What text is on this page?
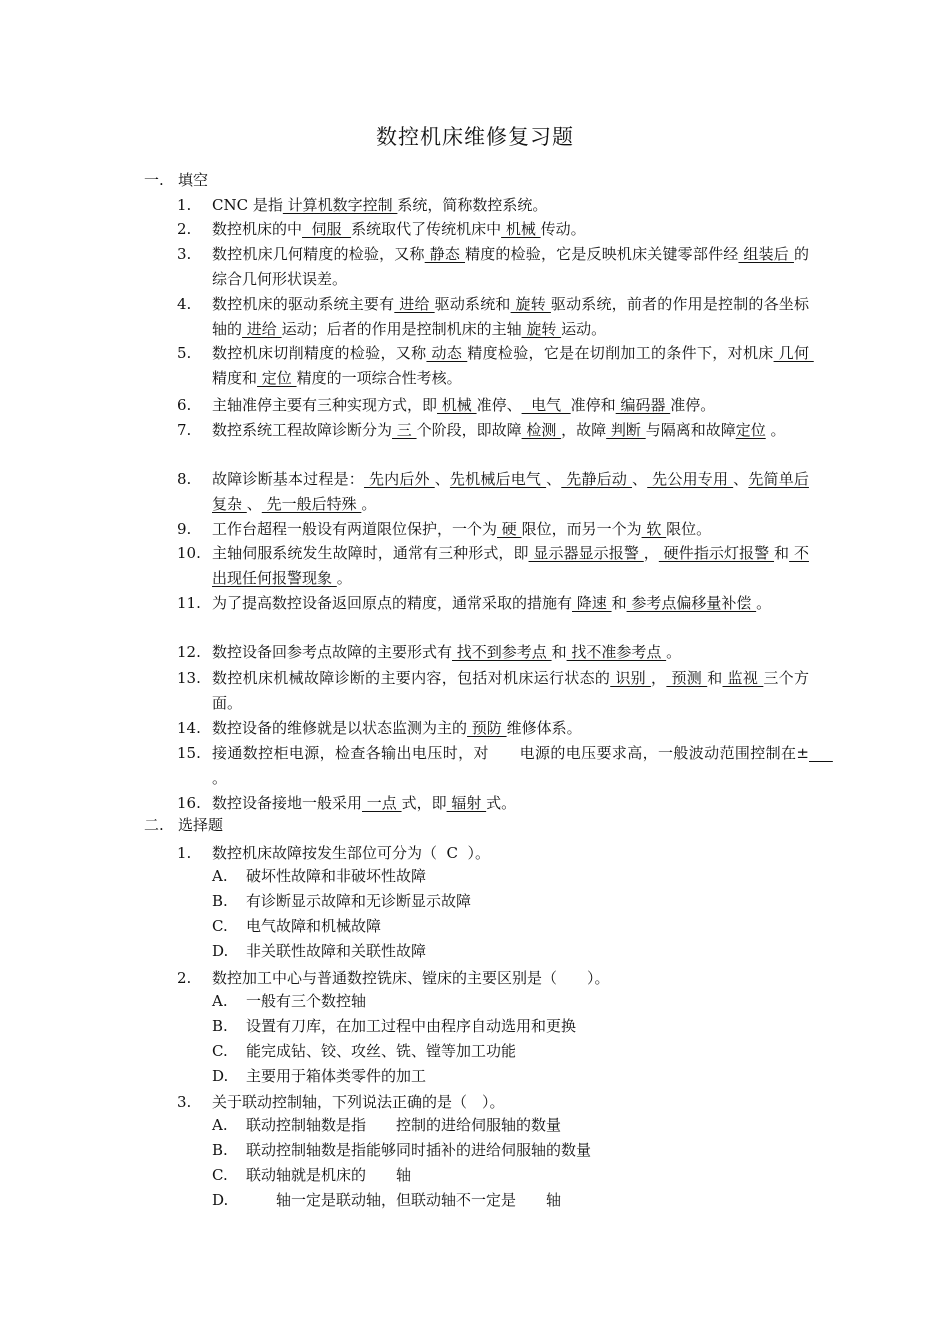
数控机床维修复习题
一. 填空
1.	CNC 是指 计算机数字控制 系统，简称数控系统。
2.	数控机床的中  伺服  系统取代了传统机床中 机械 传动。
3.	数控机床几何精度的检验，又称 静态 精度的检验，它是反映机床关键零部件经 组装后 的综合几何形状误差。
4.	数控机床的驱动系统主要有 进给 驱动系统和 旋转 驱动系统，前者的作用是控制的各坐标轴的 进给 运动；后者的作用是控制机床的主轴 旋转 运动。
5.	数控机床切削精度的检验，又称 动态 精度检验，它是在切削加工的条件下，对机床 几何 精度和 定位 精度的一项综合性考核。
6.	主轴准停主要有三种实现方式，即 机械 准停、  电气  准停和 编码器 准停。
7.	数控系统工程故障诊断分为 三 个阶段，即故障 检测 ，故障 判断 与隔离和故障定位 。
8.	故障诊断基本过程是： 先内后外 、先机械后电气 、 先静后动 、 先公用专用 、先简单后复杂 、 先一般后特殊 。
9.	工作台超程一般设有两道限位保护，一个为 硬 限位，而另一个为 软 限位。
10. 主轴伺服系统发生故障时，通常有三种形式，即 显示器显示报警 ， 硬件指示灯报警 和 不出现任何报警现象 。
11. 为了提高数控设备返回原点的精度，通常采取的措施有 降速 和 参考点偏移量补偿 。
12. 数控设备回参考点故障的主要形式有 找不到参考点 和 找不准参考点 。
13. 数控机床机械故障诊断的主要内容，包括对机床运行状态的 识别 ， 预测 和 监视 三个方面。
14. 数控设备的维修就是以状态监测为主的 预防 维修体系。
15. 接通数控柜电源，检查各输出电压时，对　　电源的电压要求高，一般波动范围控制在±      。
16. 数控设备接地一般采用 一点 式，即 辐射 式。
二. 选择题
1.	数控机床故障按发生部位可分为（  C  ）。
A. 破坏性故障和非破坏性故障
B. 有诊断显示故障和无诊断显示故障
C. 电气故障和机械故障
D. 非关联性故障和关联性故障
2.	数控加工中心与普通数控铣床、镗床的主要区别是（　　）。
A. 一般有三个数控轴
B. 设置有刀库，在加工过程中由程序自动选用和更换
C. 能完成钻、铰、攻丝、铣、镗等加工功能
D. 主要用于箱体类零件的加工
3.	关于联动控制轴，下列说法正确的是（　）。
A. 联动控制轴数是指　　控制的进给伺服轴的数量
B. 联动控制轴数是指能够同时插补的进给伺服轴的数量
C. 联动轴就是机床的　　轴
D.　　轴一定是联动轴，但联动轴不一定是　　轴
